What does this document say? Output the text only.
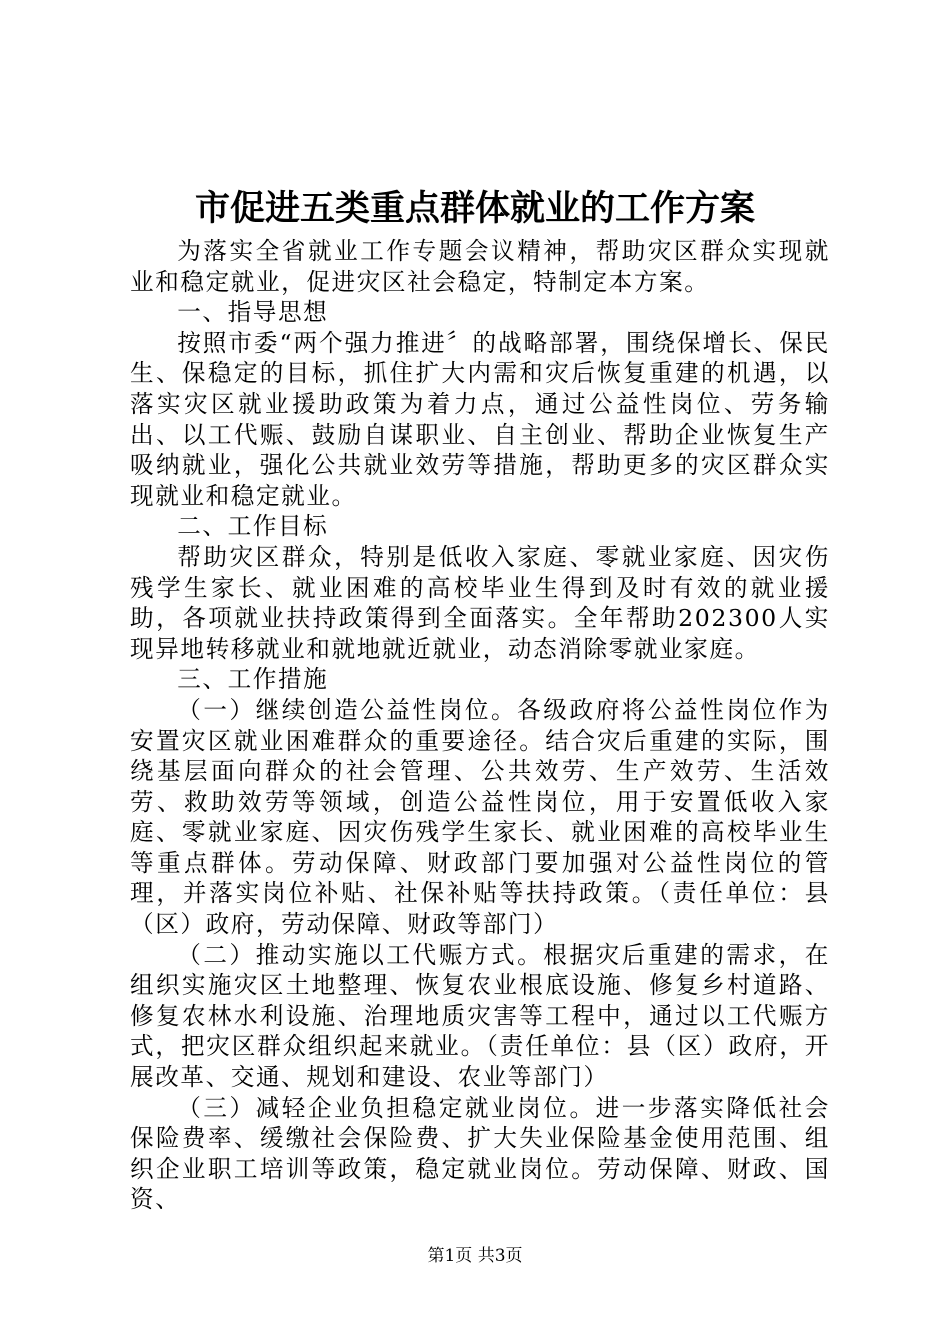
市促进五类重点群体就业的工作方案

为落实全省就业工作专题会议精神，帮助灾区群众实现就业和稳定就业，促进灾区社会稳定，特制定本方案。

一、指导思想

按照市委“两个强力推进〞的战略部署，围绕保增长、保民生、保稳定的目标，抓住扩大内需和灾后恢复重建的机遇，以落实灾区就业援助政策为着力点，通过公益性岗位、劳务输出、以工代赈、鼓励自谋职业、自主创业、帮助企业恢复生产吸纳就业，强化公共就业效劳等措施，帮助更多的灾区群众实现就业和稳定就业。

二、工作目标

帮助灾区群众，特别是低收入家庭、零就业家庭、因灾伤残学生家长、就业困难的高校毕业生得到及时有效的就业援助，各项就业扶持政策得到全面落实。全年帮助202300人实现异地转移就业和就地就近就业，动态消除零就业家庭。

三、工作措施

（一）继续创造公益性岗位。各级政府将公益性岗位作为安置灾区就业困难群众的重要途径。结合灾后重建的实际，围绕基层面向群众的社会管理、公共效劳、生产效劳、生活效劳、救助效劳等领域，创造公益性岗位，用于安置低收入家庭、零就业家庭、因灾伤残学生家长、就业困难的高校毕业生等重点群体。劳动保障、财政部门要加强对公益性岗位的管理，并落实岗位补贴、社保补贴等扶持政策。（责任单位：县（区）政府，劳动保障、财政等部门）

（二）推动实施以工代赈方式。根据灾后重建的需求，在组织实施灾区土地整理、恢复农业根底设施、修复乡村道路、修复农林水利设施、治理地质灾害等工程中，通过以工代赈方式，把灾区群众组织起来就业。（责任单位：县（区）政府，开展改革、交通、规划和建设、农业等部门）

（三）减轻企业负担稳定就业岗位。进一步落实降低社会保险费率、缓缴社会保险费、扩大失业保险基金使用范围、组织企业职工培训等政策，稳定就业岗位。劳动保障、财政、国资、

第1页 共3页
